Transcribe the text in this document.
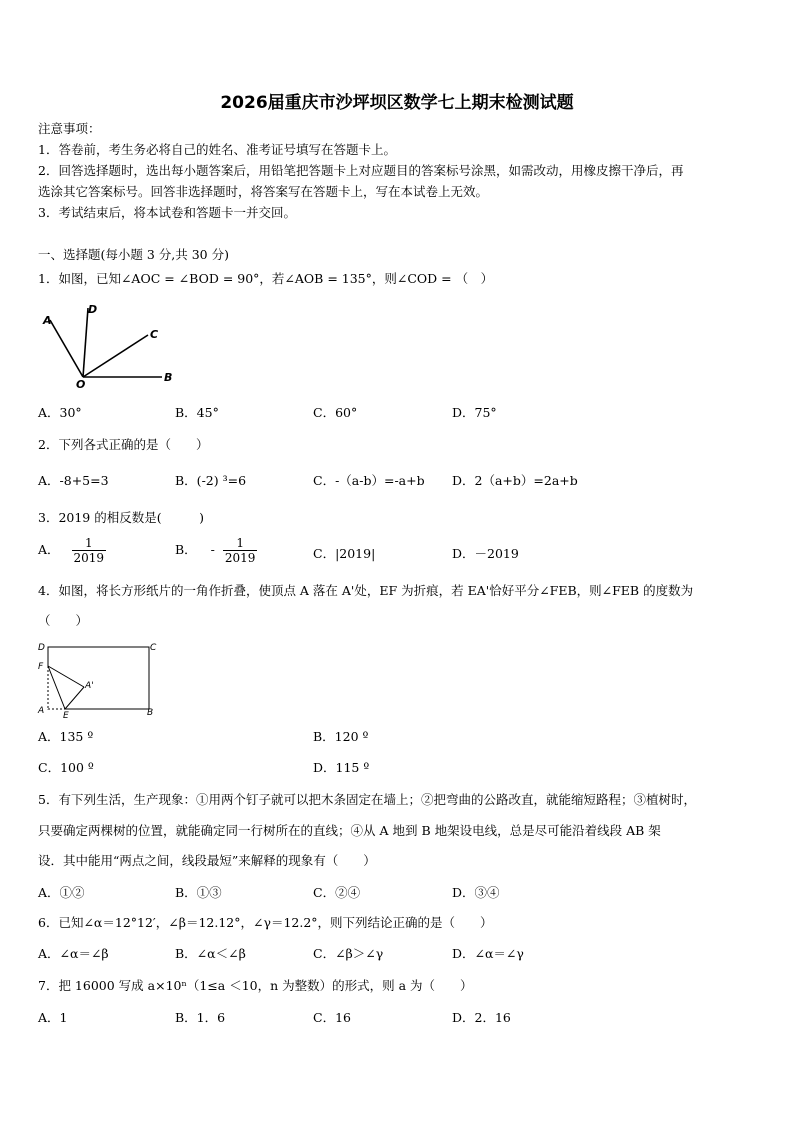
2026届重庆市沙坪坝区数学七上期末检测试题
注意事项：
1．答卷前，考生务必将自己的姓名、准考证号填写在答题卡上。
2．回答选择题时，选出每小题答案后，用铅笔把答题卡上对应题目的答案标号涂黑，如需改动，用橡皮擦干净后，再
选涂其它答案标号。回答非选择题时，将答案写在答题卡上，写在本试卷上无效。
3．考试结束后，将本试卷和答题卡一并交回。
一、选择题(每小题 3 分,共 30 分)
1．如图，已知∠AOC = ∠BOD = 90°，若∠AOB = 135°，则∠COD = （　）
A
D
C
O
B
A．30°	B．45°	C．60°	D．75°
2．下列各式正确的是（　　）
A．-8+5=3	B．(-2) ³=6	C．-（a-b）=-a+b D．2（a+b）=2a+b
3．2019 的相反数是(　　　)
A． $\frac{1}{2019}$	B． - $\frac{1}{2019}$	C．|2019|	D．－2019
4．如图，将长方形纸片的一角作折叠，使顶点 A 落在 A'处，EF 为折痕，若 EA'恰好平分∠FEB，则∠FEB 的度数为
（　　）
D	C
F
A'
A E	B
A．135 º	B．120 º
C．100 º	D．115 º
5．有下列生活，生产现象：①用两个钉子就可以把木条固定在墙上；②把弯曲的公路改直，就能缩短路程；③植树时，
只要确定两棵树的位置，就能确定同一行树所在的直线；④从 A 地到 B 地架设电线，总是尽可能沿着线段 AB 架
设．其中能用“两点之间，线段最短”来解释的现象有（　　）
A．①②	B．①③	C．②④	D．③④
6．已知∠α＝12°12′，∠β＝12.12°，∠γ＝12.2°，则下列结论正确的是（　　）
A．∠α＝∠β	B．∠α＜∠β	C．∠β＞∠γ	D．∠α＝∠γ
7．把 16000 写成 a×10ⁿ（1≤a ＜10，n 为整数）的形式，则 a 为（　　）
A．1	B．1．6	C．16	D．2．16
